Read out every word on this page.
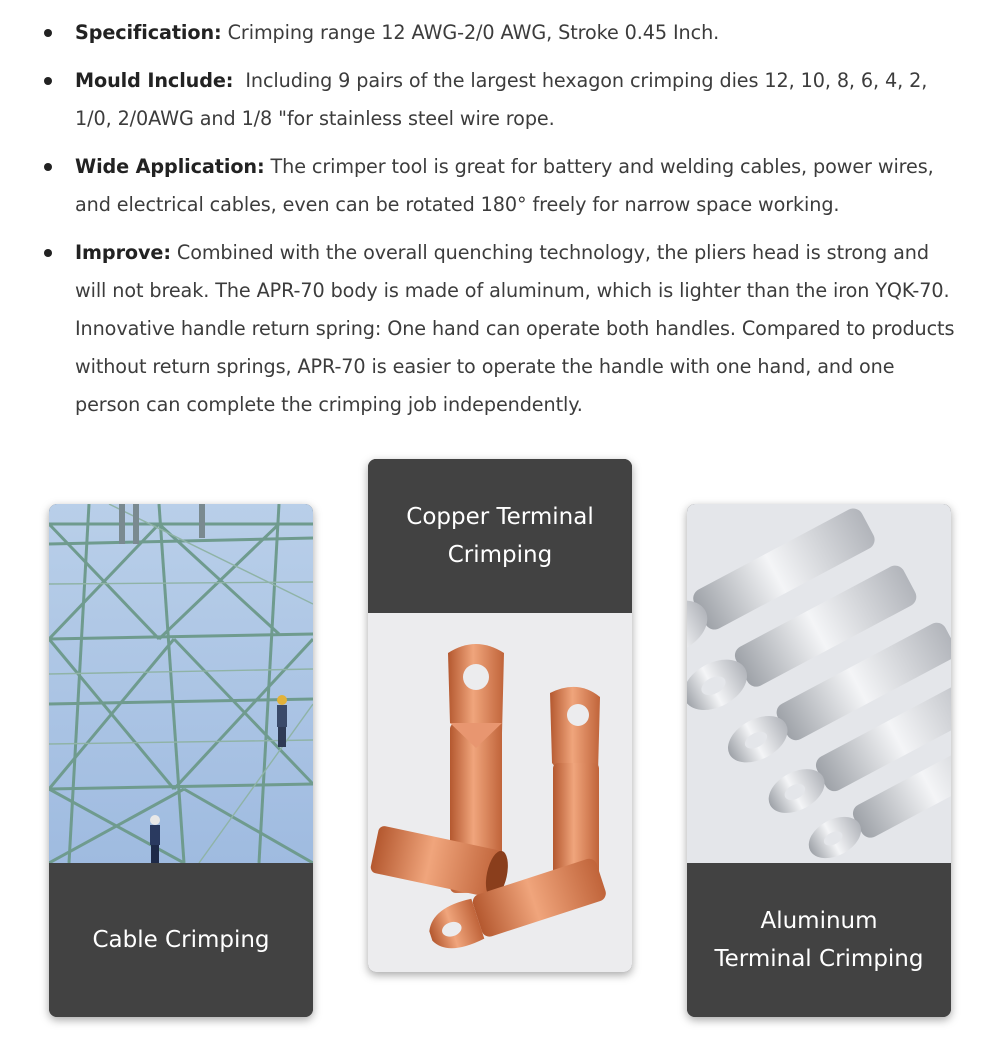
Specification: Crimping range 12 AWG-2/0 AWG, Stroke 0.45 Inch.
Mould Include:  Including 9 pairs of the largest hexagon crimping dies 12, 10, 8, 6, 4, 2, 1/0, 2/0AWG and 1/8 "for stainless steel wire rope.
Wide Application: The crimper tool is great for battery and welding cables, power wires, and electrical cables, even can be rotated 180° freely for narrow space working.
Improve: Combined with the overall quenching technology, the pliers head is strong and will not break. The APR-70 body is made of aluminum, which is lighter than the iron YQK-70. Innovative handle return spring: One hand can operate both handles. Compared to products without return springs, APR-70 is easier to operate the handle with one hand, and one person can complete the crimping job independently.
Cable Crimping
Copper Terminal Crimping
Aluminum Terminal Crimping
